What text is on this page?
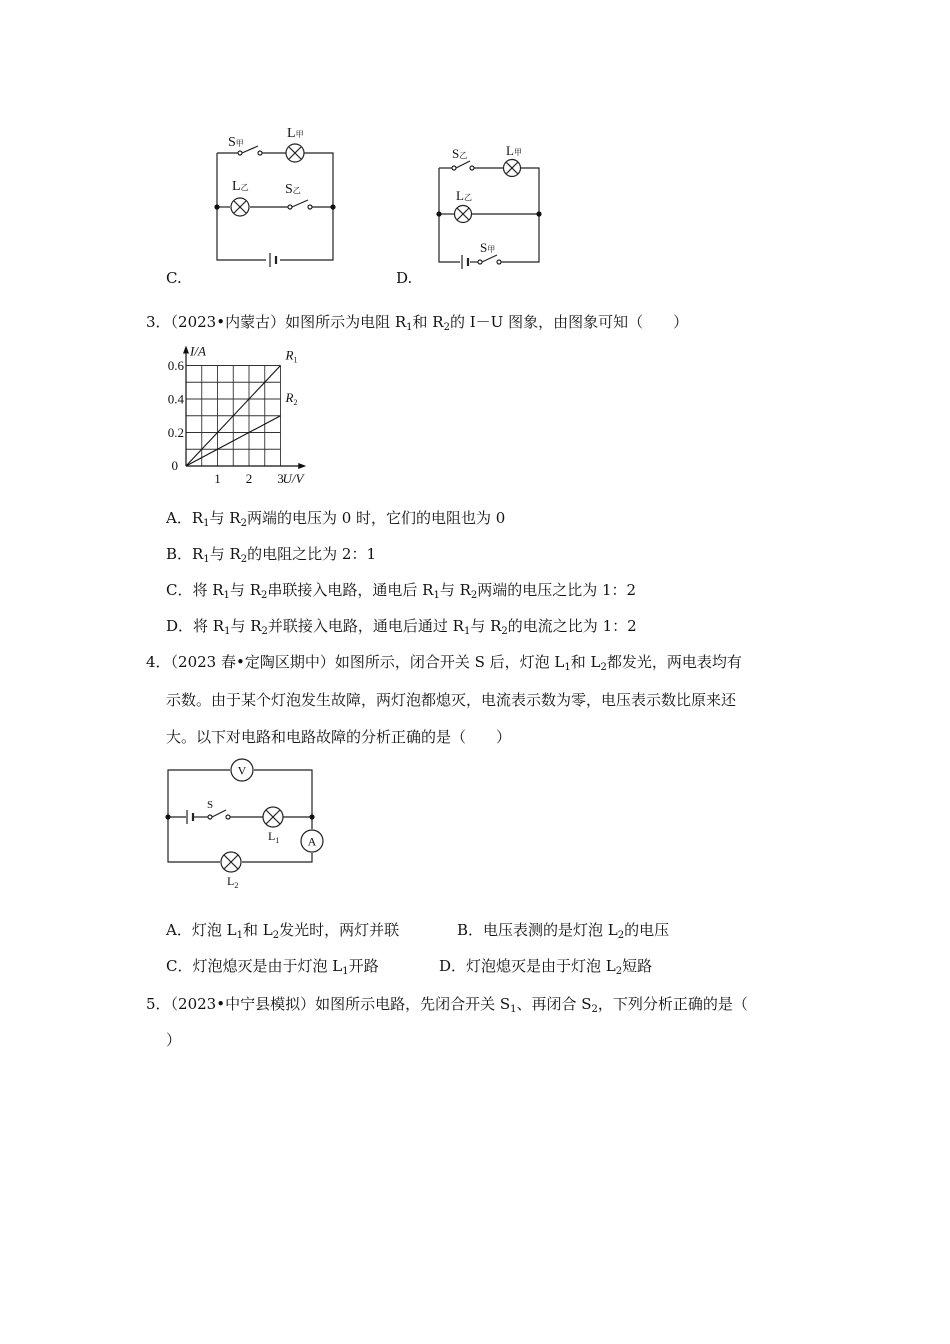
C.
S甲
L甲
L乙	S乙
D.
S乙	L甲
L乙
S甲
3．（2023•内蒙古）如图所示为电阻 $R_1$和 $R_2$的 I－U 图象，由图象可知（　　）
$R_1$
$R_2$
1 2 3
0.6
0.4
0.2
0
I/A
U/V
A．$R_1$与 $R_2$两端的电压为 0 时，它们的电阻也为 0
B．$R_1$与 $R_2$的电阻之比为 2：1
C．将 $R_1$与 $R_2$串联接入电路，通电后 $R_1$与 $R_2$两端的电压之比为 1：2
D．将 $R_1$与 $R_2$并联接入电路，通电后通过 $R_1$与 $R_2$的电流之比为 1：2
4．（2023 春•定陶区期中）如图所示，闭合开关 S 后，灯泡 $L_1$和 $L_2$都发光，两电表均有
示数。由于某个灯泡发生故障，两灯泡都熄灭，电流表示数为零，电压表示数比原来还
大。以下对电路和电路故障的分析正确的是（　　）
V
A
S
$L_1$
$L_2$
A．灯泡 $L_1$和 $L_2$发光时，两灯并联	B．电压表测的是灯泡 $L_2$的电压
C．灯泡熄灭是由于灯泡 $L_1$开路	D．灯泡熄灭是由于灯泡 $L_2$短路
5．（2023•中宁县模拟）如图所示电路，先闭合开关 $S_1$、再闭合 $S_2$，下列分析正确的是（
）
